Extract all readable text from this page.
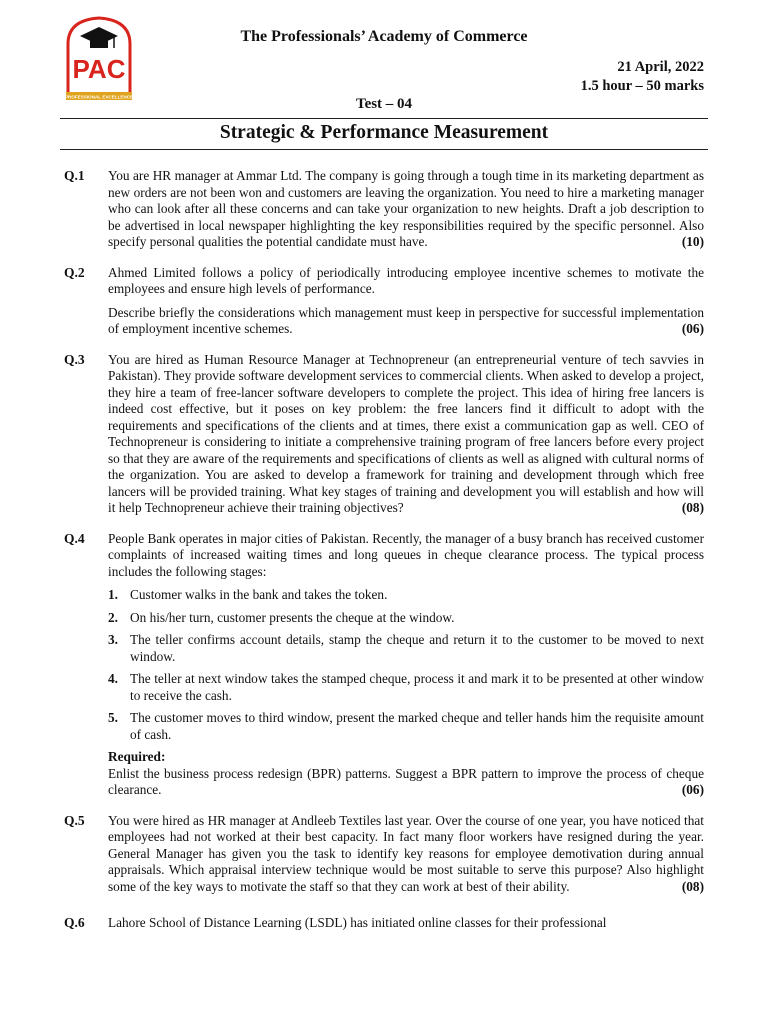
PAC
PROFESSIONAL EXCELLENCE
The Professionals’ Academy of Commerce
21 April, 2022
1.5 hour – 50 marks
Test – 04
Strategic & Performance Measurement
Q.1	You are HR manager at Ammar Ltd. The company is going through a tough time in its marketing department as new orders are not been won and customers are leaving the organization. You need to hire a marketing manager who can look after all these concerns and can take your organization to new heights. Draft a job description to be advertised in local newspaper highlighting the key responsibilities required by the specific personnel. Also specify personal qualities the potential candidate must have.	(10)

Q.2	Ahmed Limited follows a policy of periodically introducing employee incentive schemes to motivate the employees and ensure high levels of performance.

Describe briefly the considerations which management must keep in perspective for successful implementation of employment incentive schemes.	(06)

Q.3	You are hired as Human Resource Manager at Technopreneur (an entrepreneurial venture of tech savvies in Pakistan). They provide software development services to commercial clients. When asked to develop a project, they hire a team of free-lancer software developers to complete the project. This idea of hiring free lancers is indeed cost effective, but it poses on key problem: the free lancers find it difficult to adopt with the requirements and specifications of the clients and at times, there exist a communication gap as well. CEO of Technopreneur is considering to initiate a comprehensive training program of free lancers before every project so that they are aware of the requirements and specifications of clients as well as aligned with cultural norms of the organization. You are asked to develop a framework for training and development through which free lancers will be provided training. What key stages of training and development you will establish and how will it help Technopreneur achieve their training objectives?	(08)

Q.4	People Bank operates in major cities of Pakistan. Recently, the manager of a busy branch has received customer complaints of increased waiting times and long queues in cheque clearance process. The typical process includes the following stages:

1. Customer walks in the bank and takes the token.
2. On his/her turn, customer presents the cheque at the window.
3. The teller confirms account details, stamp the cheque and return it to the customer to be moved to next window.
4. The teller at next window takes the stamped cheque, process it and mark it to be presented at other window to receive the cash.
5. The customer moves to third window, present the marked cheque and teller hands him the requisite amount of cash.

Required:
Enlist the business process redesign (BPR) patterns. Suggest a BPR pattern to improve the process of cheque clearance.	(06)

Q.5	You were hired as HR manager at Andleeb Textiles last year. Over the course of one year, you have noticed that employees had not worked at their best capacity. In fact many floor workers have resigned during the year. General Manager has given you the task to identify key reasons for employee demotivation during annual appraisals. Which appraisal interview technique would be most suitable to serve this purpose? Also highlight some of the key ways to motivate the staff so that they can work at best of their ability.	(08)

Q.6	Lahore School of Distance Learning (LSDL) has initiated online classes for their professional
